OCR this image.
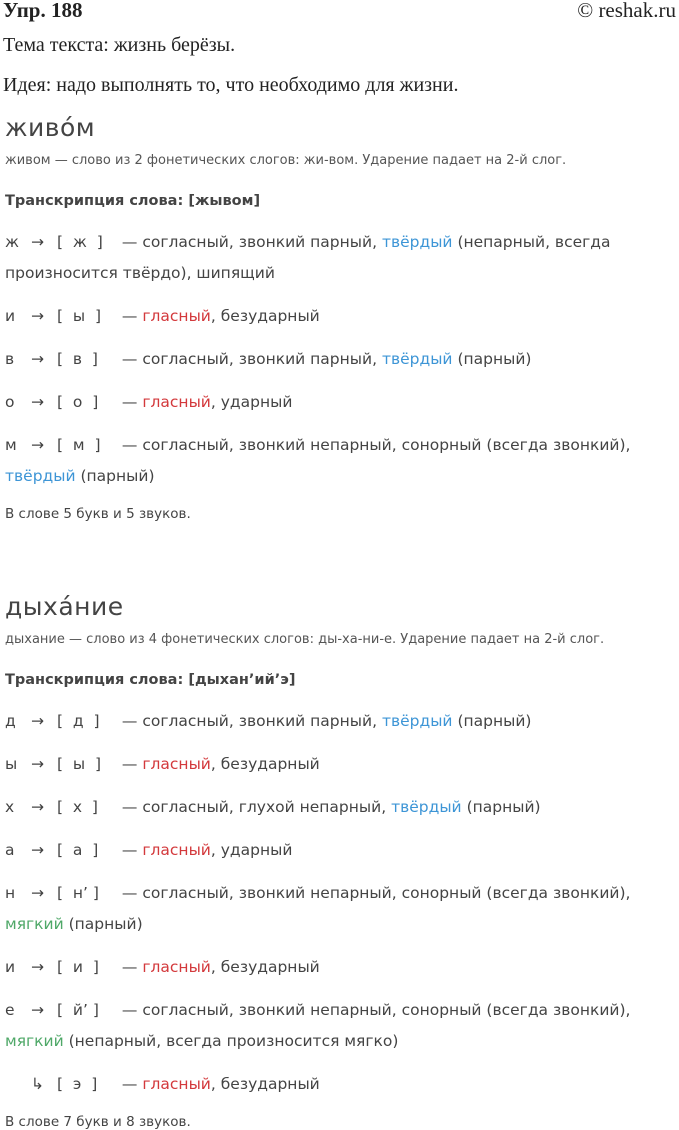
Упр. 188	© reshak.ru
Тема текста: жизнь берёзы.
Идея: надо выполнять то, что необходимо для жизни.
живо́м
живом — слово из 2 фонетических слогов: жи-вом. Ударение падает на 2-й слог.
Транскрипция слова: [жывом]
ж → [  ж  ] — согласный, звонкий парный, твёрдый (непарный, всегда произносится твёрдо), шипящий
и → [  ы  ] — гласный, безударный
в → [  в  ] — согласный, звонкий парный, твёрдый (парный)
о → [  о  ] — гласный, ударный
м → [  м  ] — согласный, звонкий непарный, сонорный (всегда звонкий), твёрдый (парный)
В слове 5 букв и 5 звуков.
дыха́ние
дыхание — слово из 4 фонетических слогов: ды-ха-ни-е. Ударение падает на 2-й слог.
Транскрипция слова: [дыхан’ий’э]
д → [  д  ] — согласный, звонкий парный, твёрдый (парный)
ы → [  ы  ] — гласный, безударный
х → [  х  ] — согласный, глухой непарный, твёрдый (парный)
а → [  а  ] — гласный, ударный
н → [  н’ ] — согласный, звонкий непарный, сонорный (всегда звонкий), мягкий (парный)
и → [  и  ] — гласный, безударный
е → [  й’ ] — согласный, звонкий непарный, сонорный (всегда звонкий), мягкий (непарный, всегда произносится мягко)
↳ [  э  ] — гласный, безударный
В слове 7 букв и 8 звуков.
